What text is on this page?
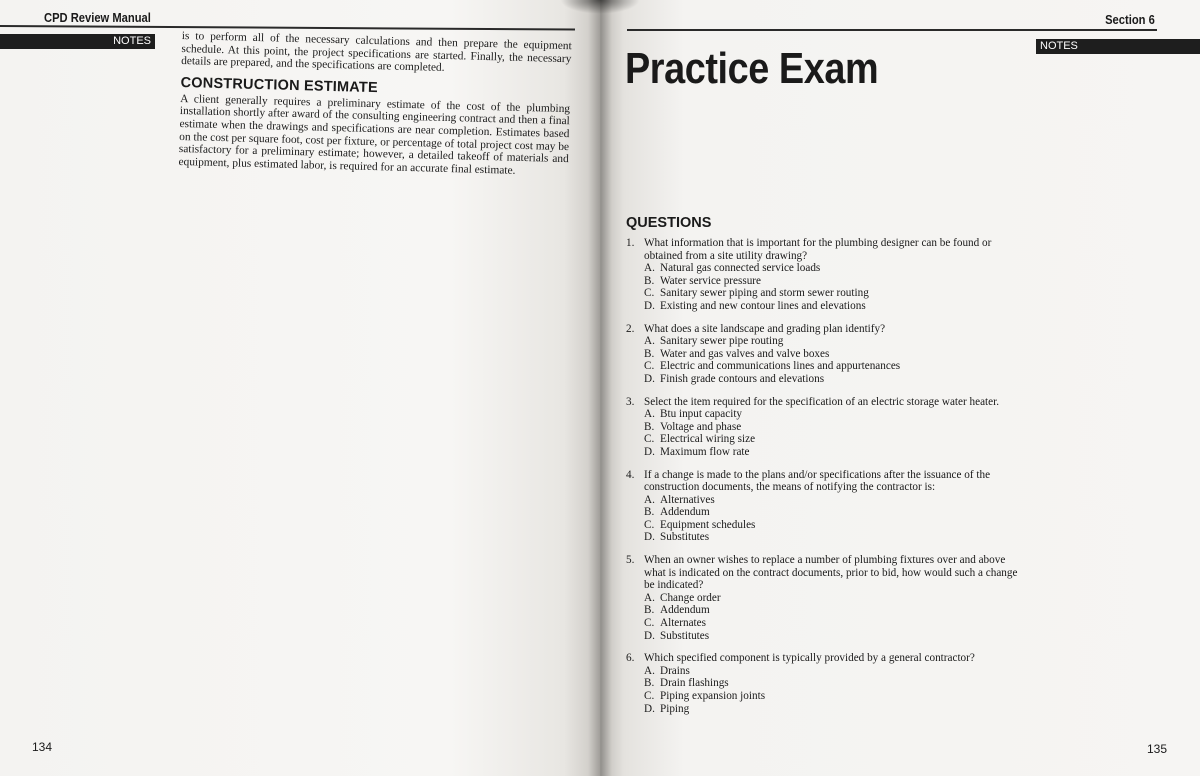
CPD Review Manual
NOTES	is to perform all of the necessary calculations and then prepare the equipment schedule. At this point, the project specifications are started. Finally, the necessary details are prepared, and the specifications are completed.

CONSTRUCTION ESTIMATE

A client generally requires a preliminary estimate of the cost of the plumbing installation shortly after award of the consulting engineering contract and then a final estimate when the drawings and specifications are near completion. Estimates based on the cost per square foot, cost per fixture, or percentage of total project cost may be satisfactory for a preliminary estimate; however, a detailed takeoff of materials and equipment, plus estimated labor, is required for an accurate final estimate.

134
Section 6
NOTES
Practice Exam
QUESTIONS
1. What information that is important for the plumbing designer can be found or obtained from a site utility drawing?
A. Natural gas connected service loads
B. Water service pressure
C. Sanitary sewer piping and storm sewer routing
D. Existing and new contour lines and elevations
2. What does a site landscape and grading plan identify?
A. Sanitary sewer pipe routing
B. Water and gas valves and valve boxes
C. Electric and communications lines and appurtenances
D. Finish grade contours and elevations
3. Select the item required for the specification of an electric storage water heater.
A. Btu input capacity
B. Voltage and phase
C. Electrical wiring size
D. Maximum flow rate
4. If a change is made to the plans and/or specifications after the issuance of the construction documents, the means of notifying the contractor is:
A. Alternatives
B. Addendum
C. Equipment schedules
D. Substitutes
5. When an owner wishes to replace a number of plumbing fixtures over and above what is indicated on the contract documents, prior to bid, how would such a change be indicated?
A. Change order
B. Addendum
C. Alternates
D. Substitutes
6. Which specified component is typically provided by a general contractor?
A. Drains
B. Drain flashings
C. Piping expansion joints
D. Piping
135
